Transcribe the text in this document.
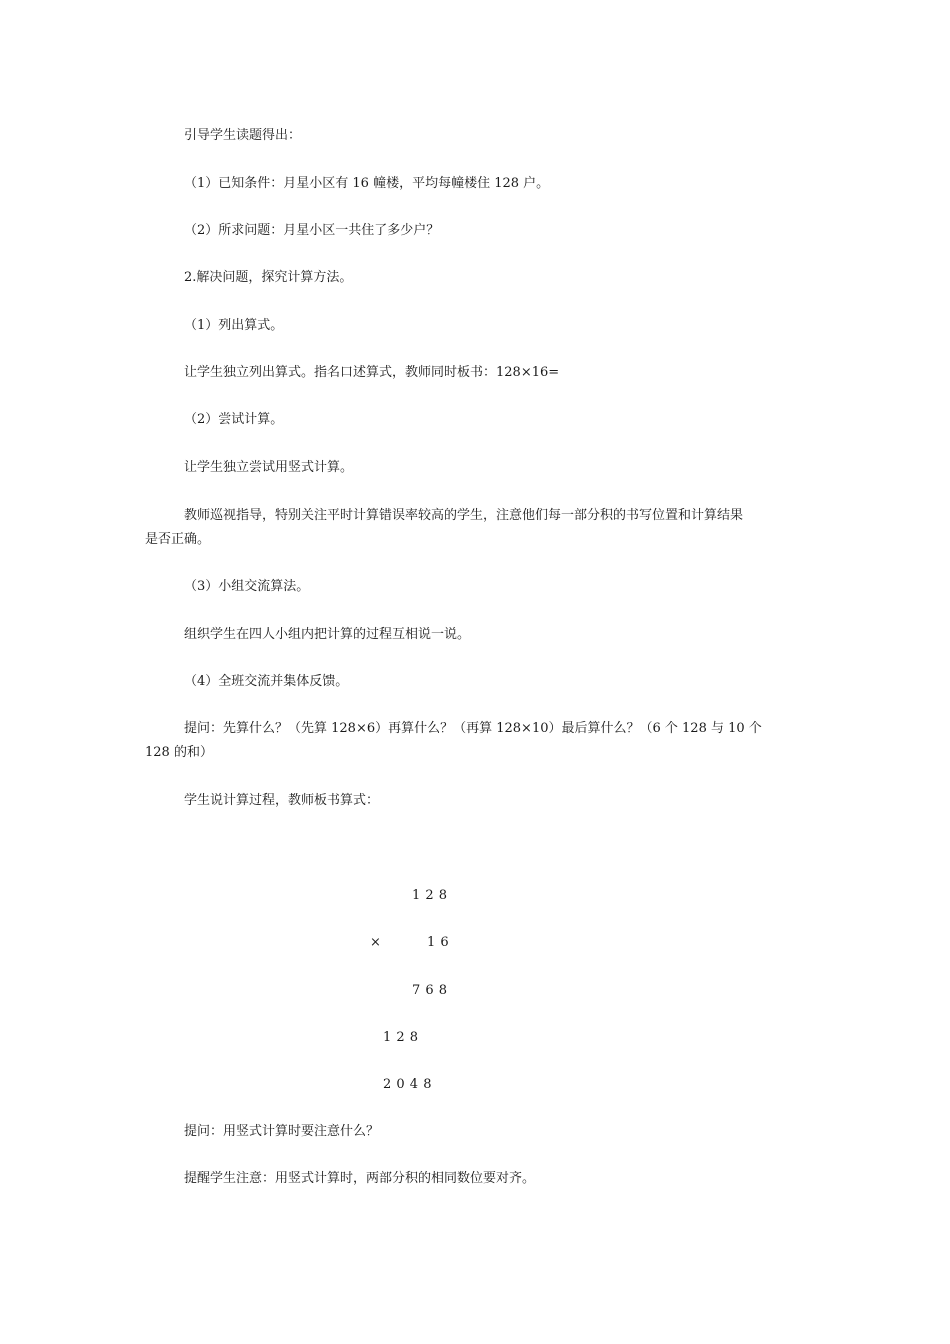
引导学生读题得出：

（1）已知条件：月星小区有 16 幢楼，平均每幢楼住 128 户。

（2）所求问题：月星小区一共住了多少户？

2.解决问题，探究计算方法。

（1）列出算式。

让学生独立列出算式。指名口述算式，教师同时板书：128×16=

（2）尝试计算。

让学生独立尝试用竖式计算。

教师巡视指导，特别关注平时计算错误率较高的学生，注意他们每一部分积的书写位置和计算结果

是否正确。

（3）小组交流算法。

组织学生在四人小组内把计算的过程互相说一说。

（4）全班交流并集体反馈。

提问：先算什么？（先算 128×6）再算什么？（再算 128×10）最后算什么？（6 个 128 与 10 个

128 的和）

学生说计算过程，教师板书算式：

1 2 8
×	1 6
7 6 8
1 2 8
2 0 4 8

提问：用竖式计算时要注意什么？

提醒学生注意：用竖式计算时，两部分积的相同数位要对齐。
